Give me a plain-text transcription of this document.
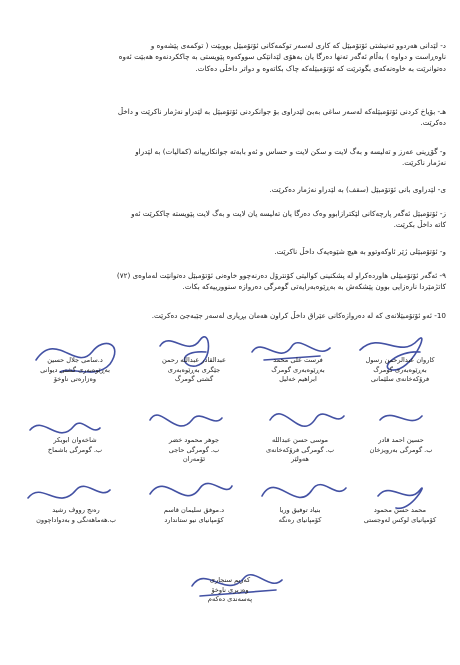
د- لێدانی هەردوو تەنیشتی ئۆتۆمبێل کە کاری لەسەر توکمەکانی ئۆتۆمبێل بووبێت ( توکمەی پێشەوە و
ناوەڕاست و دواوە ) بەڵام ئەگەر تەنها دەرگا یان بەهۆی لێدانێکی سووکەوە پێویستی بە چاککردنەوە هەبێت ئەوە
دەتوانرێت بە خاوەنەکەی بگوترێت کە ئۆتۆمبێلەکە چاک بکاتەوە و دواتر داخڵی دەکات.
هـ- بۆیاخ کردنی ئۆتۆمبێلەکە لەسەر ساغی بەبێ لێدراوی بۆ جوانکردنی ئۆتۆمبێل بە لێدراو نەژمار ناکرێت و داخڵ
دەکرێت.
و- گۆڕینی عەرز و تەلیسە و بەگ لایت و سکن لایت و حساس و ئەو بابەتە جوانکارییانە (کمالیات) بە لێدراو
نەژمار ناکرێت.
ی- لێدراوی بانی ئۆتۆمبێل (سقف) بە لێدراو نەژمار دەکرێت.
ز- ئۆتۆمبێل ئەگەر پارچەکانی لێکترازابوو وەک دەرگا یان تەلیسە یان لایت و بەگ لایت پێویستە چاککرێت ئەو
کاتە داخڵ بکرێت.
و- ئۆتۆمبێلی ژێر ئاوکەوتوو بە هیچ شێوەیەک داخڵ ناکرێت.
٩- ئەگەر ئۆتۆمبێلی هاوردەکراو لە پشکنینی کوالیتی کۆنترۆل دەرنەچوو خاوەنی ئۆتۆمبێل دەتوانێت لەماوەی (٧٢)
کاتژمێردا نارەزایی بوون پێشکەش بە بەڕێوەبەرایەتی گومرگی دەروازە سنوورییەکە بکات.
10- ئەو ئۆتۆمبێلانەی کە لە دەروازەکانی عێراق داخڵ کراون هەمان بڕیاری لەسەر جێبەجێ دەکرێت.
کاروان عبدالرحمن رسول
بەڕێوەبەری گومرگ
فرۆکەخانەی سلێمانی
فرست علی محمد
بەڕێوەبەری گومرگ
ابراهیم خەلیل
عبدالقادر عبدالله رحمن
جێگری بەڕێوەبەری
گشتی گومرگ
د.سامی جلال حسین
بەڕێوەبەری گشتی دیوانی
وەزارەتی ناوخۆ
حسین احمد قادر
ب. گومرگی بەرویزخان
موسی حسن عبدالله
ب. گومرگی فرۆکەخانەی
هەولێر
جوهر محمود خضر
ب. گومرگی حاجی
ئۆمەران
شاخەوان ابوبکر
ب. گومرگی باشماخ
محمد حسن محمود
کۆمپانیای لوکس لەوجستی
بنیاد توفیق وریا
کۆمپانیای رەنگە
د.موفق سلیمان قاسم
کۆمپانیای نیو ستاندارد
رەنج رووف رشید
ب.هەماهەنگی و بەدواداچوون
کەریم سنجاری
وەزیری ناوخۆ
پەسەندی دەکەم
